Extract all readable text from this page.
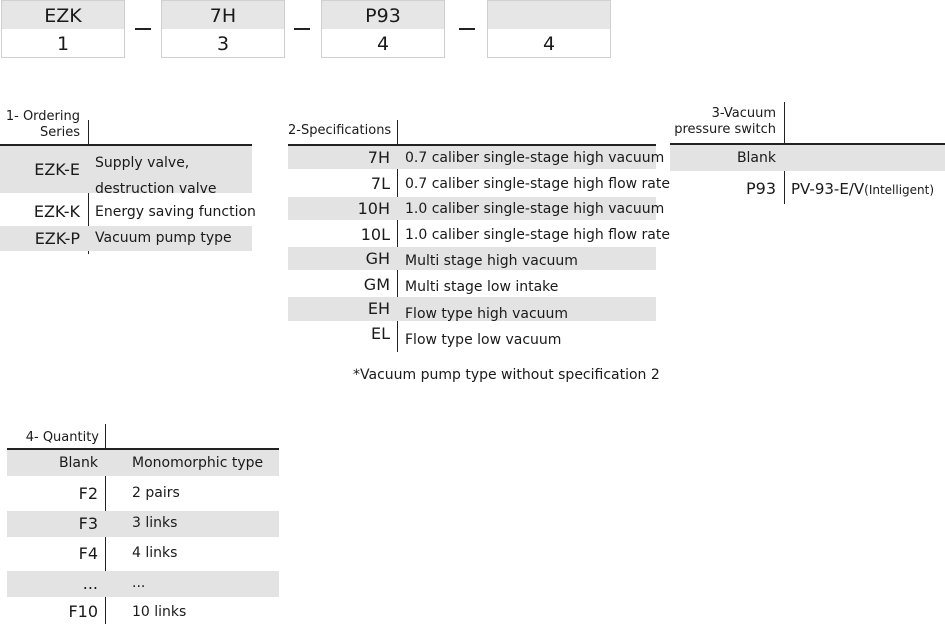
EZK
1
7H
3
P93
4	4
1- Ordering
Series
EZK-E Supply valve,
destruction valve
EZK-K Energy saving function
EZK-P Vacuum pump type
2-Specifications
7H 0.7 caliber single-stage high vacuum
7L 0.7 caliber single-stage high flow rate
10H 1.0 caliber single-stage high vacuum
10L 1.0 caliber single-stage high flow rate
GH Multi stage high vacuum
GM Multi stage low intake
EH Flow type high vacuum
EL Flow type low vacuum
*Vacuum pump type without specification 2
3-Vacuum
pressure switch
Blank
P93 PV-93-E/V(Intelligent)
4- Quantity
Blank Monomorphic type
F2 2 pairs
F3 3 links
F4 4 links
... ...
F10 10 links
